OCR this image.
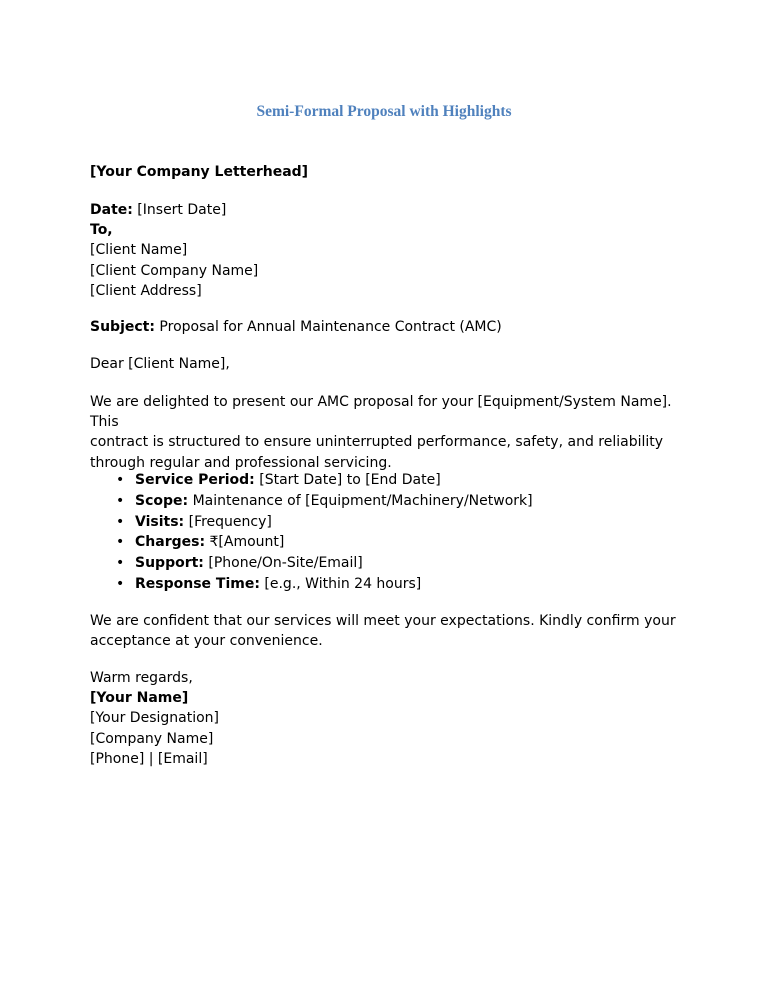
Semi-Formal Proposal with Highlights

[Your Company Letterhead]

Date: [Insert Date]

To,

[Client Name]

[Client Company Name]

[Client Address]

Subject: Proposal for Annual Maintenance Contract (AMC)

Dear [Client Name],

We are delighted to present our AMC proposal for your [Equipment/System Name]. This

contract is structured to ensure uninterrupted performance, safety, and reliability

through regular and professional servicing.

• Service Period: [Start Date] to [End Date]
• Scope: Maintenance of [Equipment/Machinery/Network]
• Visits: [Frequency]
• Charges: ₹[Amount]
• Support: [Phone/On-Site/Email]
• Response Time: [e.g., Within 24 hours]

We are confident that our services will meet your expectations. Kindly confirm your

acceptance at your convenience.

Warm regards,

[Your Name]

[Your Designation]

[Company Name]

[Phone] | [Email]
